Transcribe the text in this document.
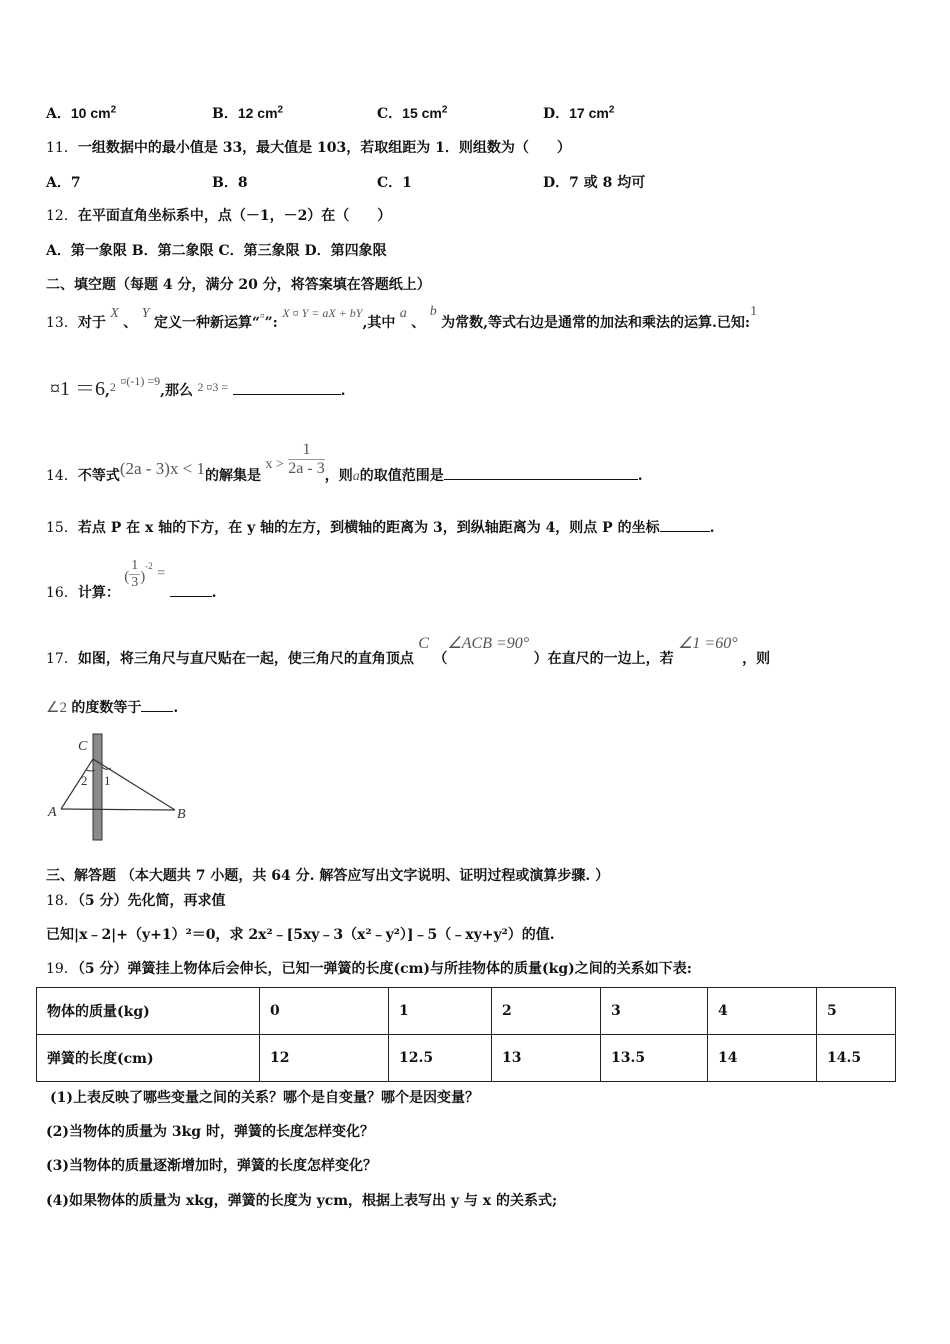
A．10 $cm^2$	B．12 $cm^2$	C．15 $cm^2$	D．17 $cm^2$
11．一组数据中的最小值是 33，最大值是 103，若取组距为 1．则组数为（　　）
A．7	B．8	C．1	D．7 或 8 均可
12．在平面直角坐标系中，点（－1，－2）在（　　）
A．第一象限 B．第二象限 C．第三象限 D．第四象限
二、填空题（每题 4 分，满分 20 分，将答案填在答题纸上）
13．对于 X 、 Y 定义一种新运算“¤”: X ¤ Y = aX + bY,其中 a 、 b 为常数,等式右边是通常的加法和乘法的运算.已知:1
¤1 ＝6,2 ¤(-1) =9,那么 2 ¤3 =	.
14．不等式(2a - 3)x < 1的解集是 $x > \frac{1}{2a - 3}$ ，则a的取值范围是	.
15．若点 P 在 x 轴的下方，在 y 轴的左方，到横轴的距离为 3，到纵轴距离为 4，则点 P 的坐标	.
16．计算： ( $\frac{1}{3} )^{-2}$ = .
17．如图，将三角尺与直尺贴在一起，使三角尺的直角顶点 C （∠ACB =90° ）在直尺的一边上，若 ∠1 =60° ，则
∠2 的度数等于 .
C
2 1
A	B
三、解答题 （本大题共 7 小题，共 64 分. 解答应写出文字说明、证明过程或演算步骤. ）
18．（5 分）先化简，再求值
已知|x﹣2|+（y+1）²＝0，求 2x²﹣[5xy﹣3（x²﹣y²）]﹣5（﹣xy+y²）的值.
19．（5 分）弹簧挂上物体后会伸长，已知一弹簧的长度(cm)与所挂物体的质量(kg)之间的关系如下表:
物体的质量(kg)	0	1	2	3	4	5
弹簧的长度(cm)	12	12.5	13	13.5	14	14.5
(1)上表反映了哪些变量之间的关系？哪个是自变量？哪个是因变量？
(2)当物体的质量为 3kg 时，弹簧的长度怎样变化？
(3)当物体的质量逐渐增加时，弹簧的长度怎样变化？
(4)如果物体的质量为 xkg，弹簧的长度为 ycm，根据上表写出 y 与 x 的关系式;
